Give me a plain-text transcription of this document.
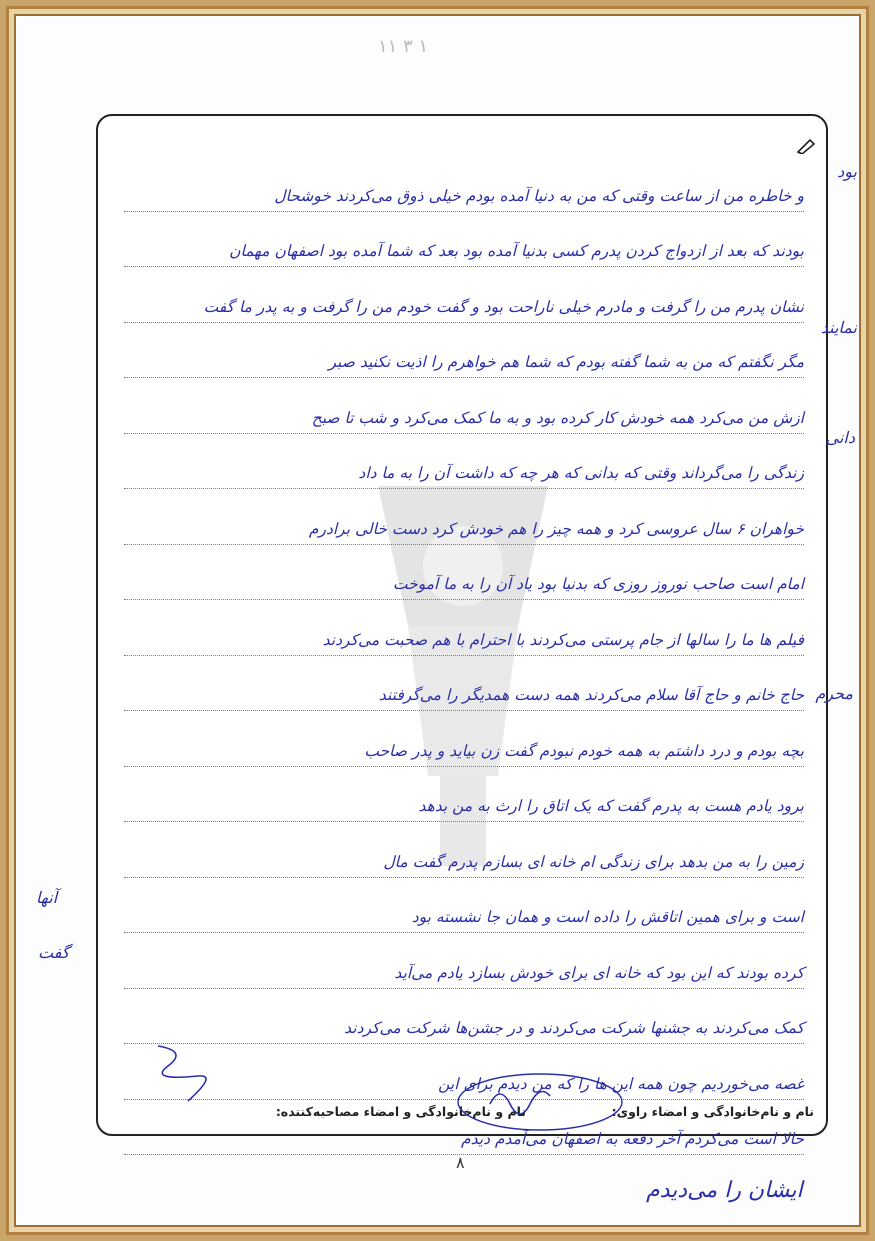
۱۱ ۳ ۱
و خاطره من از ساعت وقتی که من به دنیا آمده بودم خیلی ذوق می‌کردند خوشحال
بودند که بعد از ازدواج کردن پدرم کسی بدنیا آمده بود بعد که شما آمده بود اصفهان مهمان
نشان پدرم من را گرفت و مادرم خیلی ناراحت بود و گفت خودم من را گرفت و به پدر ما گفت
مگر نگفتم که من به شما گفته بودم که شما هم خواهرم را اذیت نکنید صبر
ازش من می‌کرد همه خودش کار کرده بود و به ما کمک می‌کرد و شب تا صبح
زندگی را می‌گرداند وقتی که بدانی که هر چه که داشت آن را به ما داد
خواهران ۶ سال عروسی کرد و همه چیز را هم خودش کرد دست خالی برادرم
امام است صاحب نوروز روزی که بدنیا بود یاد آن را به ما آموخت
فیلم ها ما را سالها از جام پرستی می‌کردند با احترام با هم صحبت می‌کردند
حاج خانم و حاج آقا سلام می‌کردند همه دست همدیگر را می‌گرفتند
بچه بودم و درد داشتم به همه خودم نبودم گفت زن بیاید و پدر صاحب
برود یادم هست به پدرم گفت که یک اتاق را ارث به من بدهد
زمین را به من بدهد برای زندگی ام خانه ای بسازم پدرم گفت مال
است و برای همین اتاقش را داده است و همان جا نشسته بود
کرده بودند که این بود که خانه ای برای خودش بسازد یادم می‌آید
کمک می‌کردند به جشنها شرکت می‌کردند و در جشن‌ها شرکت می‌کردند
غصه می‌خوردیم چون همه این ها را که من دیدم برای این
حالا است می‌کردم آخر دفعه به اصفهان می‌آمدم دیدم
نام و نام‌خانوادگی و امضاء راوی:
نام و نام‌خانوادگی و امضاء مصاحبه‌کننده:
بود
نمایند
دانی
محرم
آنها
گفت
۸
ایشان را می‌دیدم
